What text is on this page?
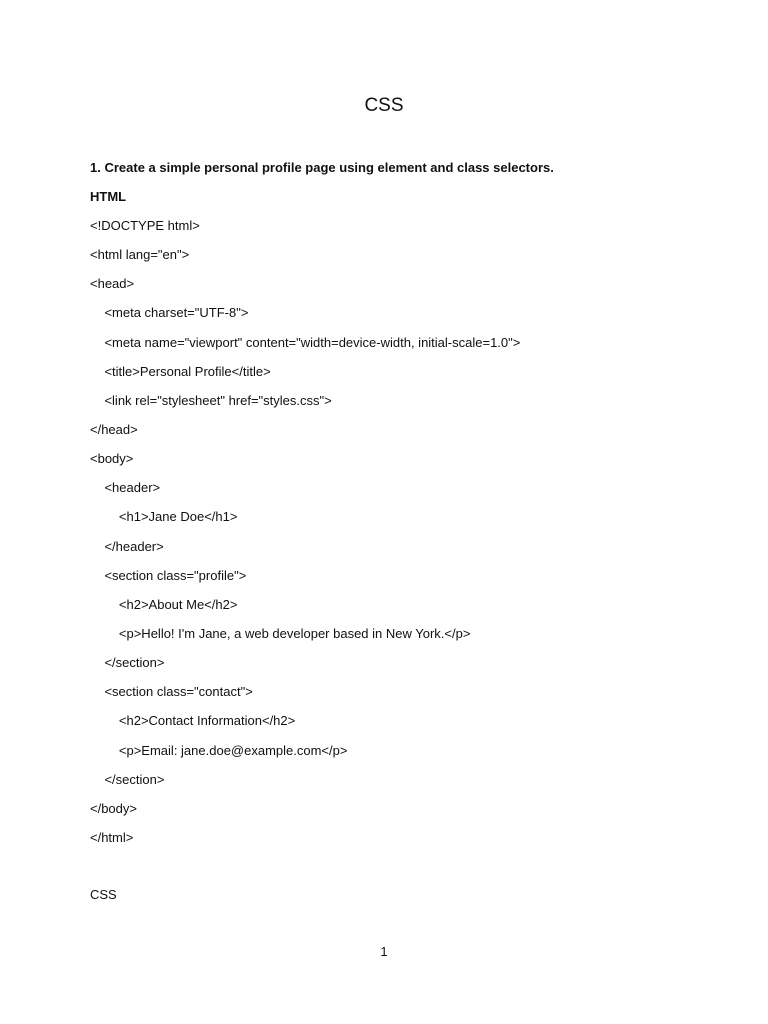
CSS
1. Create a simple personal profile page using element and class selectors.
HTML
<!DOCTYPE html>
<html lang="en">
<head>
<meta charset="UTF-8">
<meta name="viewport" content="width=device-width, initial-scale=1.0">
<title>Personal Profile</title>
<link rel="stylesheet" href="styles.css">
</head>
<body>
<header>
<h1>Jane Doe</h1>
</header>
<section class="profile">
<h2>About Me</h2>
<p>Hello! I'm Jane, a web developer based in New York.</p>
</section>
<section class="contact">
<h2>Contact Information</h2>
<p>Email: jane.doe@example.com</p>
</section>
</body>
</html>
CSS
1
